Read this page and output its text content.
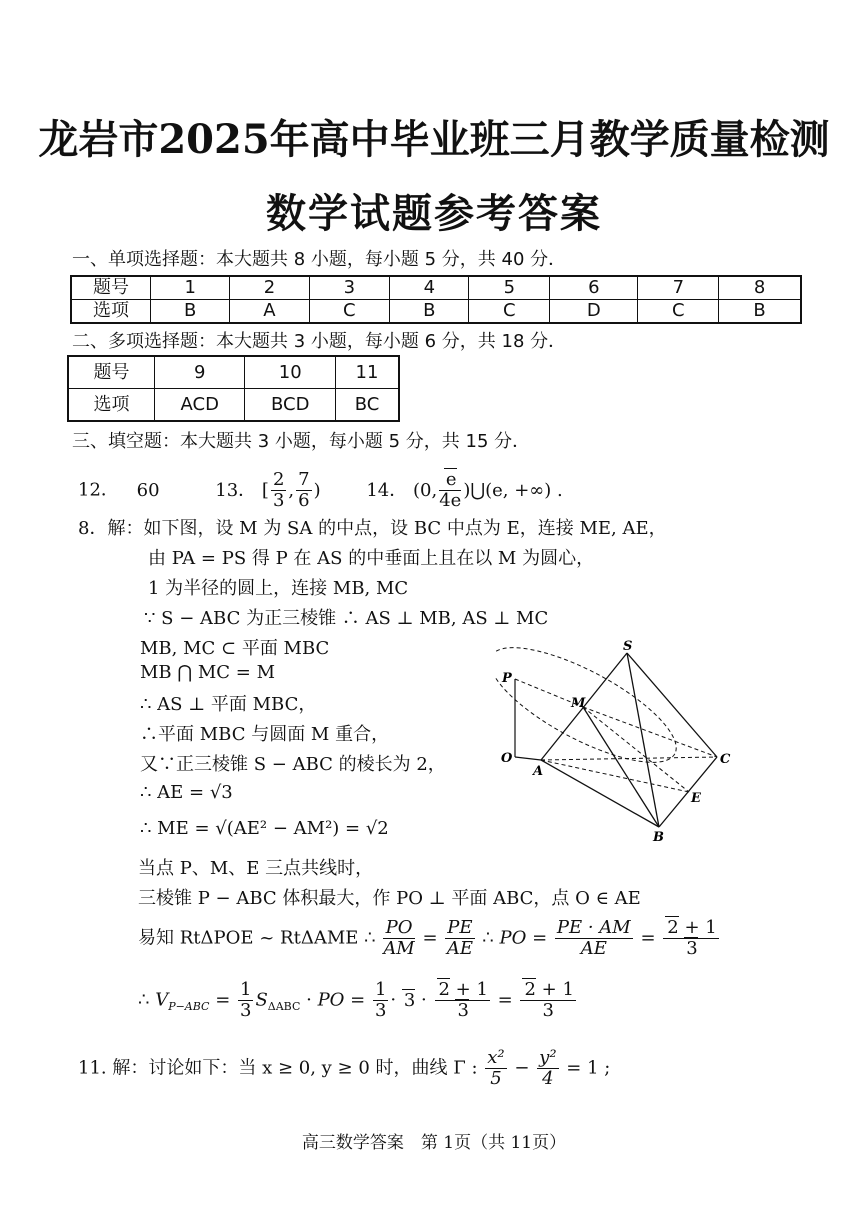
龙岩市2025年高中毕业班三月教学质量检测
数学试题参考答案
一、单项选择题：本大题共 8 小题，每小题 5 分，共 40 分．
题号	1	2	3	4	5	6	7	8
选项	B	A	C	B	C	D	C	B
二、多项选择题：本大题共 3 小题，每小题 6 分，共 18 分．
题号	9	10	11
选项	ACD	BCD	BC
三、填空题：本大题共 3 小题，每小题 5 分，共 15 分．
12． 60	13． [ $\frac{2}{3}$ , $\frac{7}{6}$ )	14． (0, $\frac{e}{4e}$ )⋃(e, +∞) .
8．解：如下图，设 M 为 SA 的中点，设 BC 中点为 E，连接 ME, AE，
由 PA = PS 得 P 在 AS 的中垂面上且在以 M 为圆心，
1 为半径的圆上，连接 MB, MC
∵ S − ABC 为正三棱锥 ∴ AS ⊥ MB, AS ⊥ MC
MB, MC ⊂ 平面 MBC
MB ⋂ MC = M
∴ AS ⊥ 平面 MBC，
∴平面 MBC 与圆面 M 重合，
又∵正三棱锥 S − ABC 的棱长为 2，
∴ AE = √3
∴ ME = √(AE² − AM²) = √2
当点 P、M、E 三点共线时，
三棱锥 P − ABC 体积最大，作 PO ⊥ 平面 ABC，点 O ∈ AE
易知 RtΔPOE ~ RtΔAME ∴ $\frac{PO}{AM} = \frac{PE}{AE}$ ∴ PO = $\frac{PE \cdot AM}{AE} = \frac{2 + 1}{3}$
∴ $V_{P-ABC} = \frac{1}{3} S_{\Delta ABC}$ · PO = $\frac{1}{3} \cdot 3 \cdot \frac{2 + 1}{3} = \frac{2 + 1}{3}$
11. 解：讨论如下：当 x ≥ 0, y ≥ 0 时，曲线 Γ : $\frac{\text{x²}}{5} - \frac{\text{y²}}{4} = 1$ ;
S
P
M
O
A
C
E
B
高三数学答案　第 1页（共 11页）
